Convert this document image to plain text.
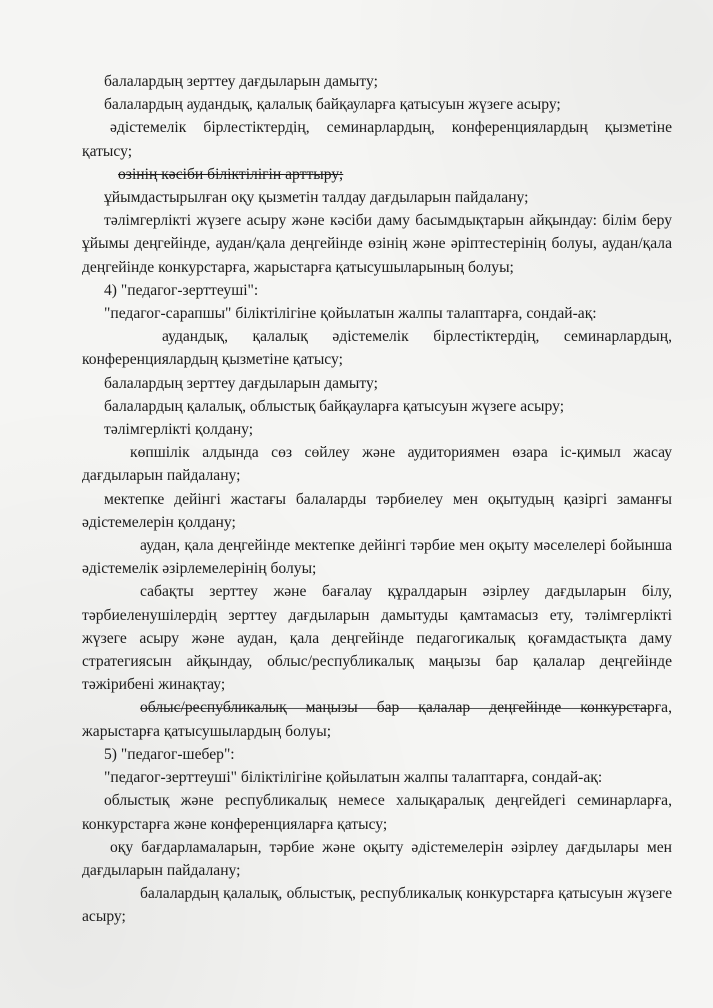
балалардың зерттеу дағдыларын дамыту;

балалардың аудандық, қалалық байқауларға қатысуын жүзеге асыру;

әдістемелік бірлестіктердің, семинарлардың, конференциялардың қызметіне қатысу;

өзінің кәсіби біліктілігін арттыру;

ұйымдастырылған оқу қызметін талдау дағдыларын пайдалану;

тәлімгерлікті жүзеге асыру және кәсіби даму басымдықтарын айқындау: білім беру ұйымы деңгейінде, аудан/қала деңгейінде өзінің және әріптестерінің болуы, аудан/қала деңгейінде конкурстарға, жарыстарға қатысушыларының болуы;

4) "педагог-зерттеуші":

"педагог-сарапшы" біліктілігіне қойылатын жалпы талаптарға, сондай-ақ:

аудандық, қалалық әдістемелік бірлестіктердің, семинарлардың, конференциялардың қызметіне қатысу;

балалардың зерттеу дағдыларын дамыту;

балалардың қалалық, облыстық байқауларға қатысуын жүзеге асыру;

тәлімгерлікті қолдану;

көпшілік алдында сөз сөйлеу және аудиториямен өзара іс-қимыл жасау дағдыларын пайдалану;

мектепке дейінгі жастағы балаларды тәрбиелеу мен оқытудың қазіргі заманғы әдістемелерін қолдану;

аудан, қала деңгейінде мектепке дейінгі тәрбие мен оқыту мәселелері бойынша әдістемелік әзірлемелерінің болуы;

сабақты зерттеу және бағалау құралдарын әзірлеу дағдыларын білу, тәрбиеленушілердің зерттеу дағдыларын дамытуды қамтамасыз ету, тәлімгерлікті жүзеге асыру және аудан, қала деңгейінде педагогикалық қоғамдастықта даму стратегиясын айқындау, облыс/республикалық маңызы бар қалалар деңгейінде тәжірибені жинақтау;

облыс/республикалық маңызы бар қалалар деңгейінде конкурстарға, жарыстарға қатысушылардың болуы;

5) "педагог-шебер":

"педагог-зерттеуші" біліктілігіне қойылатын жалпы талаптарға, сондай-ақ:

облыстық және республикалық немесе халықаралық деңгейдегі семинарларға, конкурстарға және конференцияларға қатысу;

оқу бағдарламаларын, тәрбие және оқыту әдістемелерін әзірлеу дағдылары мен дағдыларын пайдалану;

балалардың қалалық, облыстық, республикалық конкурстарға қатысуын жүзеге асыру;
